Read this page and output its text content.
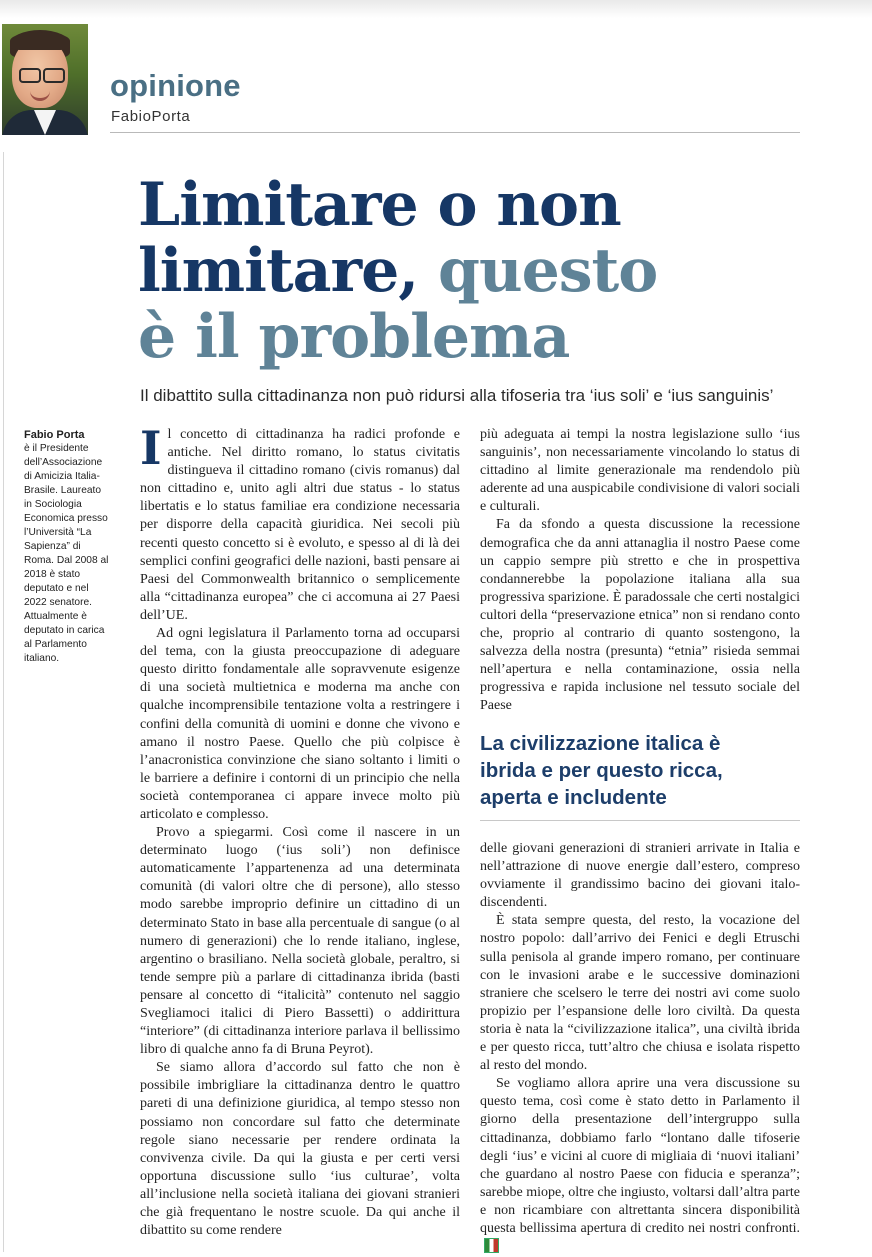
opinione
FabioPorta
Limitare o non
limitare, questo
è il problema
Il dibattito sulla cittadinanza non può ridursi alla tifoseria tra ‘ius soli’ e ‘ius sanguinis’
Fabio Porta
è il Presidente dell’Associazione di Amicizia Italia-Brasile. Laureato in Sociologia Economica presso l’Università “La Sapienza” di Roma. Dal 2008 al 2018 è stato deputato e nel 2022 senatore. Attualmente è deputato in carica al Parlamento italiano.

Il concetto di cittadinanza ha radici profonde e antiche. Nel diritto romano, lo status civitatis distingueva il cittadino romano (civis romanus) dal non cittadino e, unito agli altri due status - lo status libertatis e lo status familiae era condizione necessaria per disporre della capacità giuridica. Nei secoli più recenti questo concetto si è evoluto, e spesso al di là dei semplici confini geografici delle nazioni, basti pensare ai Paesi del Commonwealth britannico o semplicemente alla “cittadinanza europea” che ci accomuna ai 27 Paesi dell’UE.

Ad ogni legislatura il Parlamento torna ad occuparsi del tema, con la giusta preoccupazione di adeguare questo diritto fondamentale alle sopravvenute esigenze di una società multietnica e moderna ma anche con qualche incomprensibile tentazione volta a restringere i confini della comunità di uomini e donne che vivono e amano il nostro Paese. Quello che più colpisce è l’anacronistica convinzione che siano soltanto i limiti o le barriere a definire i contorni di un principio che nella società contemporanea ci appare invece molto più articolato e complesso.

Provo a spiegarmi. Così come il nascere in un determinato luogo (‘ius soli’) non definisce automaticamente l’appartenenza ad una determinata comunità (di valori oltre che di persone), allo stesso modo sarebbe improprio definire un cittadino di un determinato Stato in base alla percentuale di sangue (o al numero di generazioni) che lo rende italiano, inglese, argentino o brasiliano. Nella società globale, peraltro, si tende sempre più a parlare di cittadinanza ibrida (basti pensare al concetto di “italicità” contenuto nel saggio Svegliamoci italici di Piero Bassetti) o addirittura “interiore” (di cittadinanza interiore parlava il bellissimo libro di qualche anno fa di Bruna Peyrot).

Se siamo allora d’accordo sul fatto che non è possibile imbrigliare la cittadinanza dentro le quattro pareti di una definizione giuridica, al tempo stesso non possiamo non concordare sul fatto che determinate regole siano necessarie per rendere ordinata la convivenza civile. Da qui la giusta e per certi versi opportuna discussione sullo ‘ius culturae’, volta all’inclusione nella società italiana dei giovani stranieri che già frequentano le nostre scuole. Da qui anche il dibattito su come rendere

più adeguata ai tempi la nostra legislazione sullo ‘ius sanguinis’, non necessariamente vincolando lo status di cittadino al limite generazionale ma rendendolo più aderente ad una auspicabile condivisione di valori sociali e culturali.

Fa da sfondo a questa discussione la recessione demografica che da anni attanaglia il nostro Paese come un cappio sempre più stretto e che in prospettiva condannerebbe la popolazione italiana alla sua progressiva sparizione. È paradossale che certi nostalgici cultori della “preservazione etnica” non si rendano conto che, proprio al contrario di quanto sostengono, la salvezza della nostra (presunta) “etnia” risieda semmai nell’apertura e nella contaminazione, ossia nella progressiva e rapida inclusione nel tessuto sociale del Paese

La civilizzazione italica è ibrida e per questo ricca, aperta e includente

delle giovani generazioni di stranieri arrivate in Italia e nell’attrazione di nuove energie dall’estero, compreso ovviamente il grandissimo bacino dei giovani italo-discendenti.

È stata sempre questa, del resto, la vocazione del nostro popolo: dall’arrivo dei Fenici e degli Etruschi sulla penisola al grande impero romano, per continuare con le invasioni arabe e le successive dominazioni straniere che scelsero le terre dei nostri avi come suolo propizio per l’espansione delle loro civiltà. Da questa storia è nata la “civilizzazione italica”, una civiltà ibrida e per questo ricca, tutt’altro che chiusa e isolata rispetto al resto del mondo.

Se vogliamo allora aprire una vera discussione su questo tema, così come è stato detto in Parlamento il giorno della presentazione dell’intergruppo sulla cittadinanza, dobbiamo farlo “lontano dalle tifoserie degli ‘ius’ e vicini al cuore di migliaia di ‘nuovi italiani’ che guardano al nostro Paese con fiducia e speranza”; sarebbe miope, oltre che ingiusto, voltarsi dall’altra parte e non ricambiare con altrettanta sincera disponibilità questa bellissima apertura di credito nei nostri confronti.
